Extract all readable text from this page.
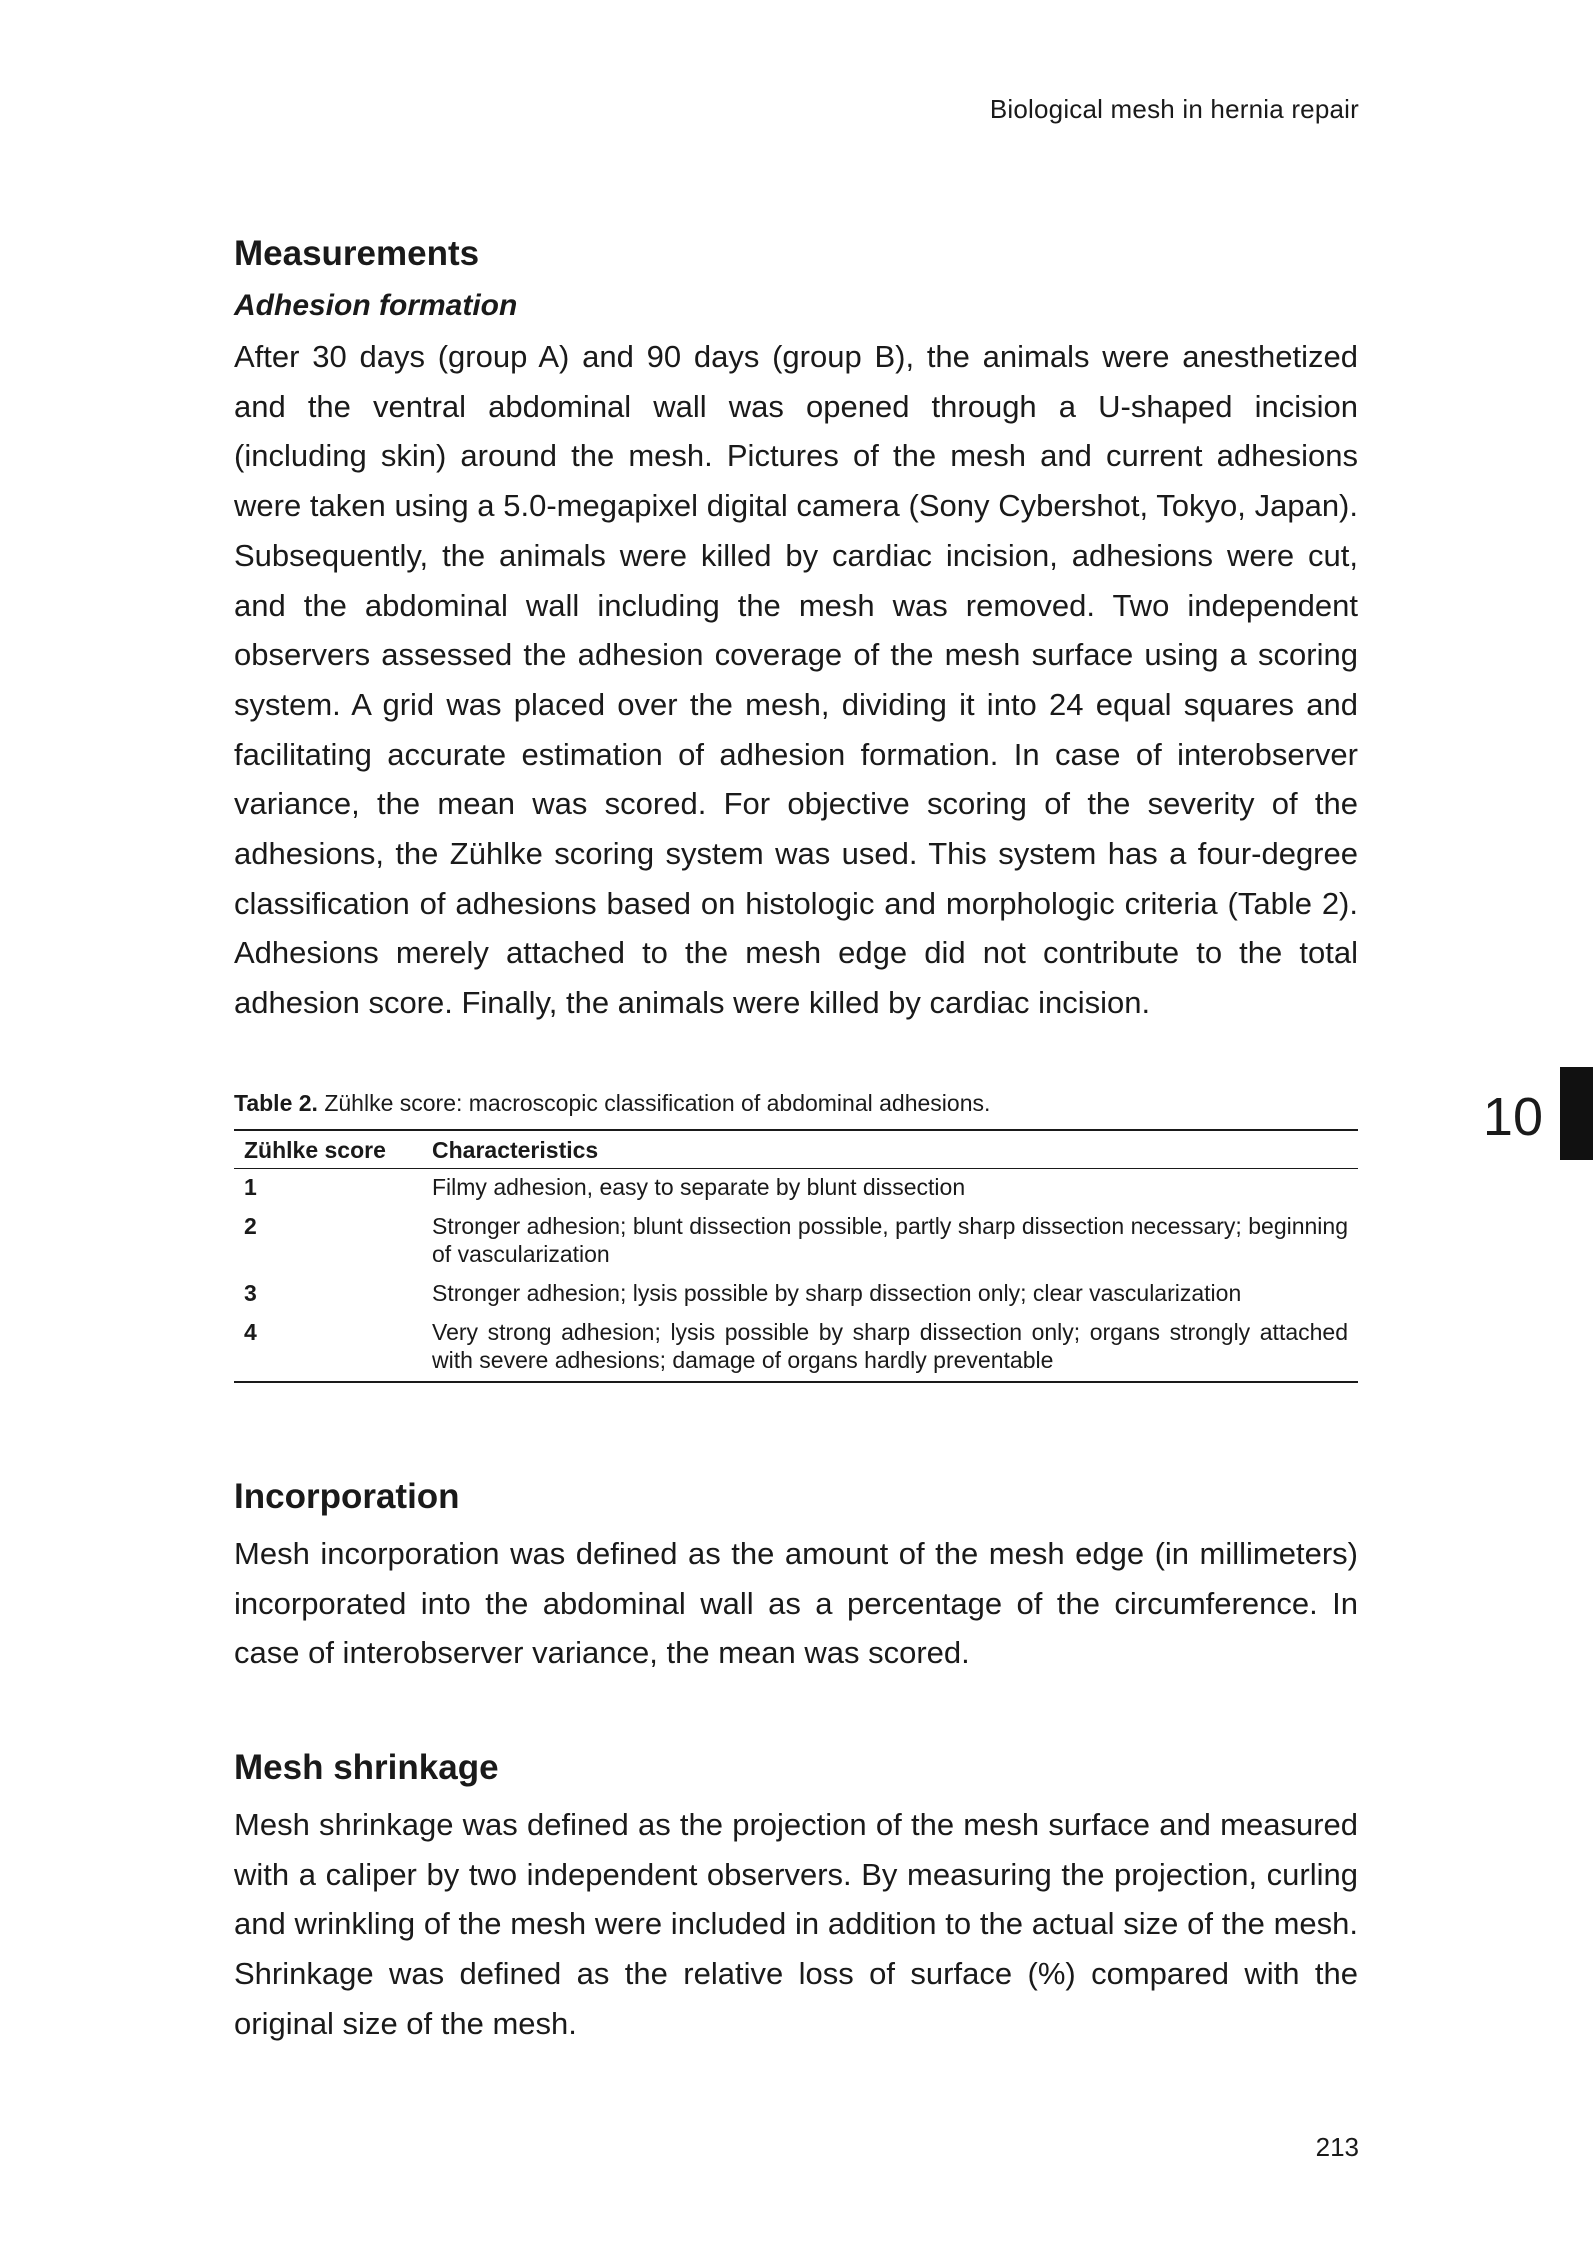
Biological mesh in hernia repair
10
Measurements
Adhesion formation

After 30 days (group A) and 90 days (group B), the animals were anesthetized and the ventral abdominal wall was opened through a U-shaped incision (including skin) around the mesh. Pictures of the mesh and current adhesions were taken using a 5.0-megapixel digital camera (Sony Cybershot, Tokyo, Japan). Subsequently, the animals were killed by cardiac incision, adhesions were cut, and the abdominal wall including the mesh was removed. Two independent observers assessed the adhesion coverage of the mesh surface using a scoring system. A grid was placed over the mesh, dividing it into 24 equal squares and facilitating accurate estimation of adhesion formation. In case of interobserver variance, the mean was scored. For objective scoring of the severity of the adhesions, the Zühlke scoring system was used. This system has a four-degree classification of adhesions based on histologic and morphologic criteria (Table 2). Adhesions merely attached to the mesh edge did not contribute to the total adhesion score. Finally, the animals were killed by cardiac incision.

Table 2. Zühlke score: macroscopic classification of abdominal adhesions.
Zühlke score	Characteristics
1	Filmy adhesion, easy to separate by blunt dissection
2	Stronger adhesion; blunt dissection possible, partly sharp dissection necessary; beginning of vascularization
3	Stronger adhesion; lysis possible by sharp dissection only; clear vascularization
4	Very strong adhesion; lysis possible by sharp dissection only; organs strongly attached with severe adhesions; damage of organs hardly preventable
Incorporation

Mesh incorporation was defined as the amount of the mesh edge (in millimeters) incorporated into the abdominal wall as a percentage of the circumference. In case of interobserver variance, the mean was scored.

Mesh shrinkage

Mesh shrinkage was defined as the projection of the mesh surface and measured with a caliper by two independent observers. By measuring the projection, curling and wrinkling of the mesh were included in addition to the actual size of the mesh. Shrinkage was defined as the relative loss of surface (%) compared with the original size of the mesh.

213
